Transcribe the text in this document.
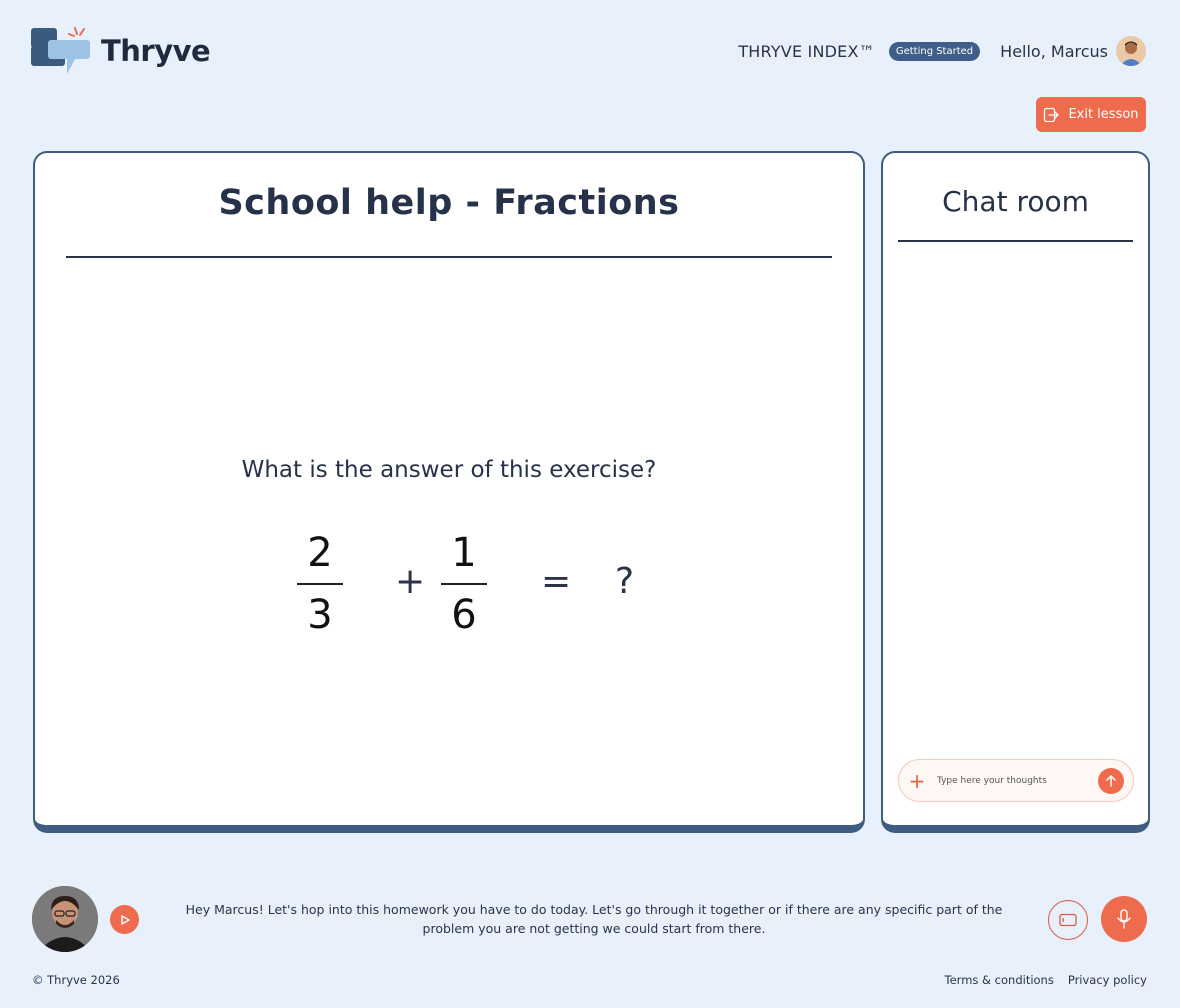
Thryve	THRYVE INDEX™	Getting Started	Hello, Marcus
Exit lesson
School help - Fractions
What is the answer of this exercise?
2
3
+
1
6
= ?
Chat room
+
Type here your thoughts
Hey Marcus! Let's hop into this homework you have to do today. Let's go through it together or if there are any specific part of the problem you are not getting we could start from there.
© Thryve 2026	Terms & conditions Privacy policy
